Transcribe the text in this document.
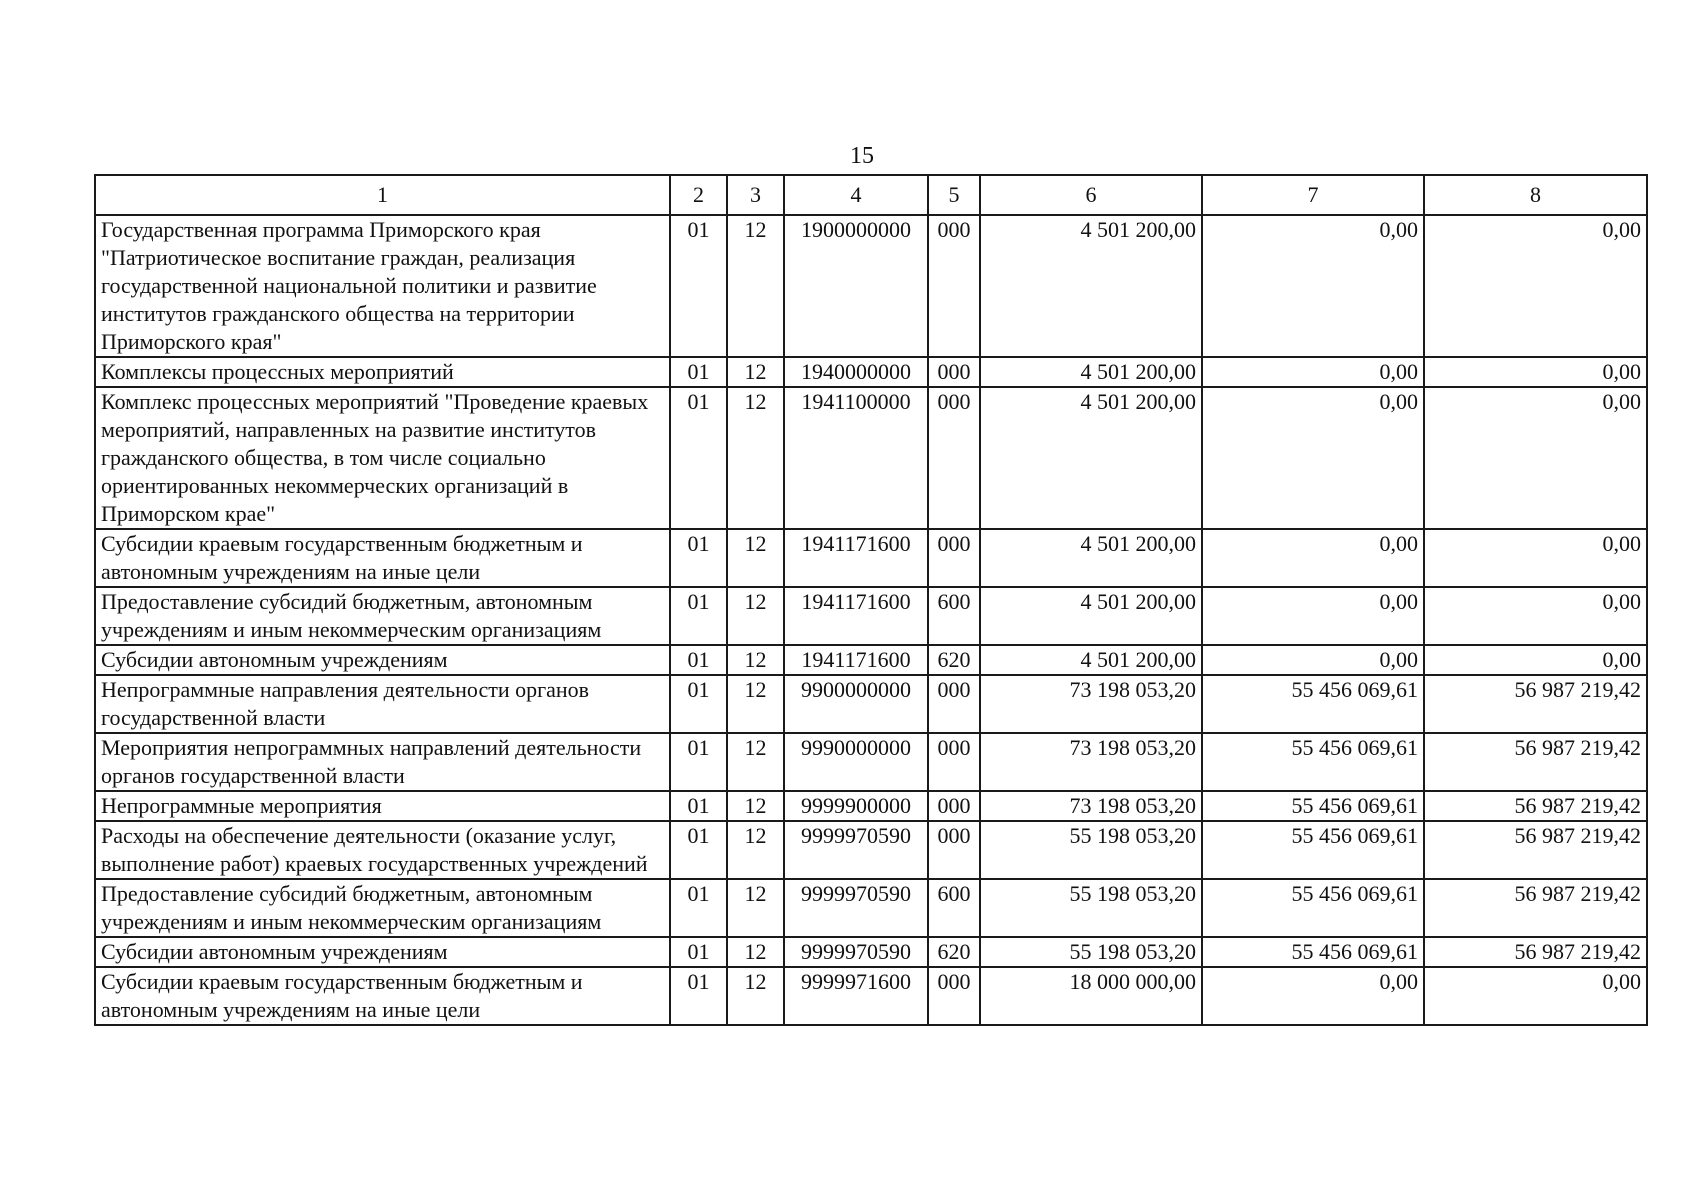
15
1	2	3	4	5	6	7	8
Государственная программа Приморского края "Патриотическое воспитание граждан, реализация государственной национальной политики и развитие институтов гражданского общества на территории Приморского края"	01	12	1900000000	000	4 501 200,00	0,00	0,00
Комплексы процессных мероприятий	01	12	1940000000	000	4 501 200,00	0,00	0,00
Комплекс процессных мероприятий "Проведение краевых мероприятий, направленных на развитие институтов гражданского общества, в том числе социально ориентированных некоммерческих организаций в Приморском крае"	01	12	1941100000	000	4 501 200,00	0,00	0,00
Субсидии краевым государственным бюджетным и автономным учреждениям на иные цели	01	12	1941171600	000	4 501 200,00	0,00	0,00
Предоставление субсидий бюджетным, автономным учреждениям и иным некоммерческим организациям	01	12	1941171600	600	4 501 200,00	0,00	0,00
Субсидии автономным учреждениям	01	12	1941171600	620	4 501 200,00	0,00	0,00
Непрограммные направления деятельности органов государственной власти	01	12	9900000000	000	73 198 053,20	55 456 069,61	56 987 219,42
Мероприятия непрограммных направлений деятельности органов государственной власти	01	12	9990000000	000	73 198 053,20	55 456 069,61	56 987 219,42
Непрограммные мероприятия	01	12	9999900000	000	73 198 053,20	55 456 069,61	56 987 219,42
Расходы на обеспечение деятельности (оказание услуг, выполнение работ) краевых государственных учреждений	01	12	9999970590	000	55 198 053,20	55 456 069,61	56 987 219,42
Предоставление субсидий бюджетным, автономным учреждениям и иным некоммерческим организациям	01	12	9999970590	600	55 198 053,20	55 456 069,61	56 987 219,42
Субсидии автономным учреждениям	01	12	9999970590	620	55 198 053,20	55 456 069,61	56 987 219,42
Субсидии краевым государственным бюджетным и автономным учреждениям на иные цели	01	12	9999971600	000	18 000 000,00	0,00	0,00
